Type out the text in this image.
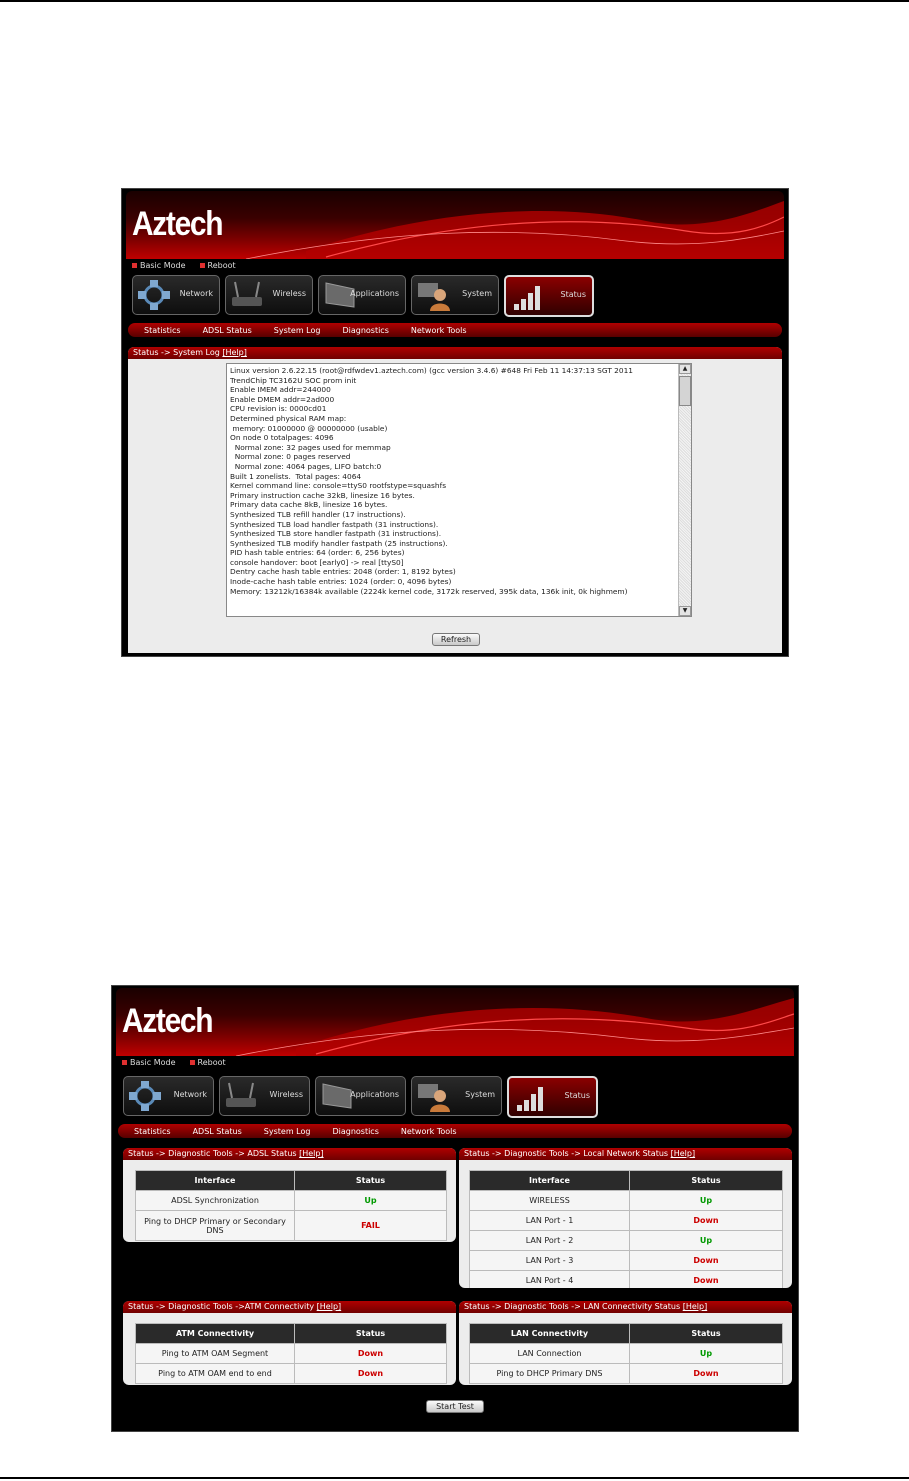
Aztech
Basic Mode	Reboot
Network	Wireless	Applications	System	Status
Statistics	ADSL Status	System Log	Diagnostics	Network Tools
Status -> System Log [Help]
Linux version 2.6.22.15 (root@rdfwdev1.aztech.com) (gcc version 3.4.6) #648 Fri Feb 11 14:37:13 SGT 2011
TrendChip TC3162U SOC prom init
Enable IMEM addr=244000
Enable DMEM addr=2ad000
CPU revision is: 0000cd01
Determined physical RAM map:
memory: 01000000 @ 00000000 (usable)
On node 0 totalpages: 4096
Normal zone: 32 pages used for memmap
Normal zone: 0 pages reserved
Normal zone: 4064 pages, LIFO batch:0
Built 1 zonelists.  Total pages: 4064
Kernel command line: console=ttyS0 rootfstype=squashfs
Primary instruction cache 32kB, linesize 16 bytes.
Primary data cache 8kB, linesize 16 bytes.
Synthesized TLB refill handler (17 instructions).
Synthesized TLB load handler fastpath (31 instructions).
Synthesized TLB store handler fastpath (31 instructions).
Synthesized TLB modify handler fastpath (25 instructions).
PID hash table entries: 64 (order: 6, 256 bytes)
console handover: boot [early0] -> real [ttyS0]
Dentry cache hash table entries: 2048 (order: 1, 8192 bytes)
Inode-cache hash table entries: 1024 (order: 0, 4096 bytes)
Memory: 13212k/16384k available (2224k kernel code, 3172k reserved, 395k data, 136k init, 0k highmem)
▲
▼
Refresh
Aztech
Basic Mode	Reboot
Network	Wireless	Applications	System	Status
Statistics	ADSL Status	System Log	Diagnostics	Network Tools
Status -> Diagnostic Tools -> ADSL Status [Help]
Interface	Status
ADSL Synchronization	Up
Ping to DHCP Primary or Secondary DNS	FAIL
Status -> Diagnostic Tools -> Local Network Status [Help]
Interface	Status
WIRELESS	Up
LAN Port - 1	Down
LAN Port - 2	Up
LAN Port - 3	Down
LAN Port - 4	Down
Status -> Diagnostic Tools ->ATM Connectivity [Help]
ATM Connectivity	Status
Ping to ATM OAM Segment	Down
Ping to ATM OAM end to end	Down
Status -> Diagnostic Tools -> LAN Connectivity Status [Help]
LAN Connectivity	Status
LAN Connection	Up
Ping to DHCP Primary DNS	Down
Start Test
